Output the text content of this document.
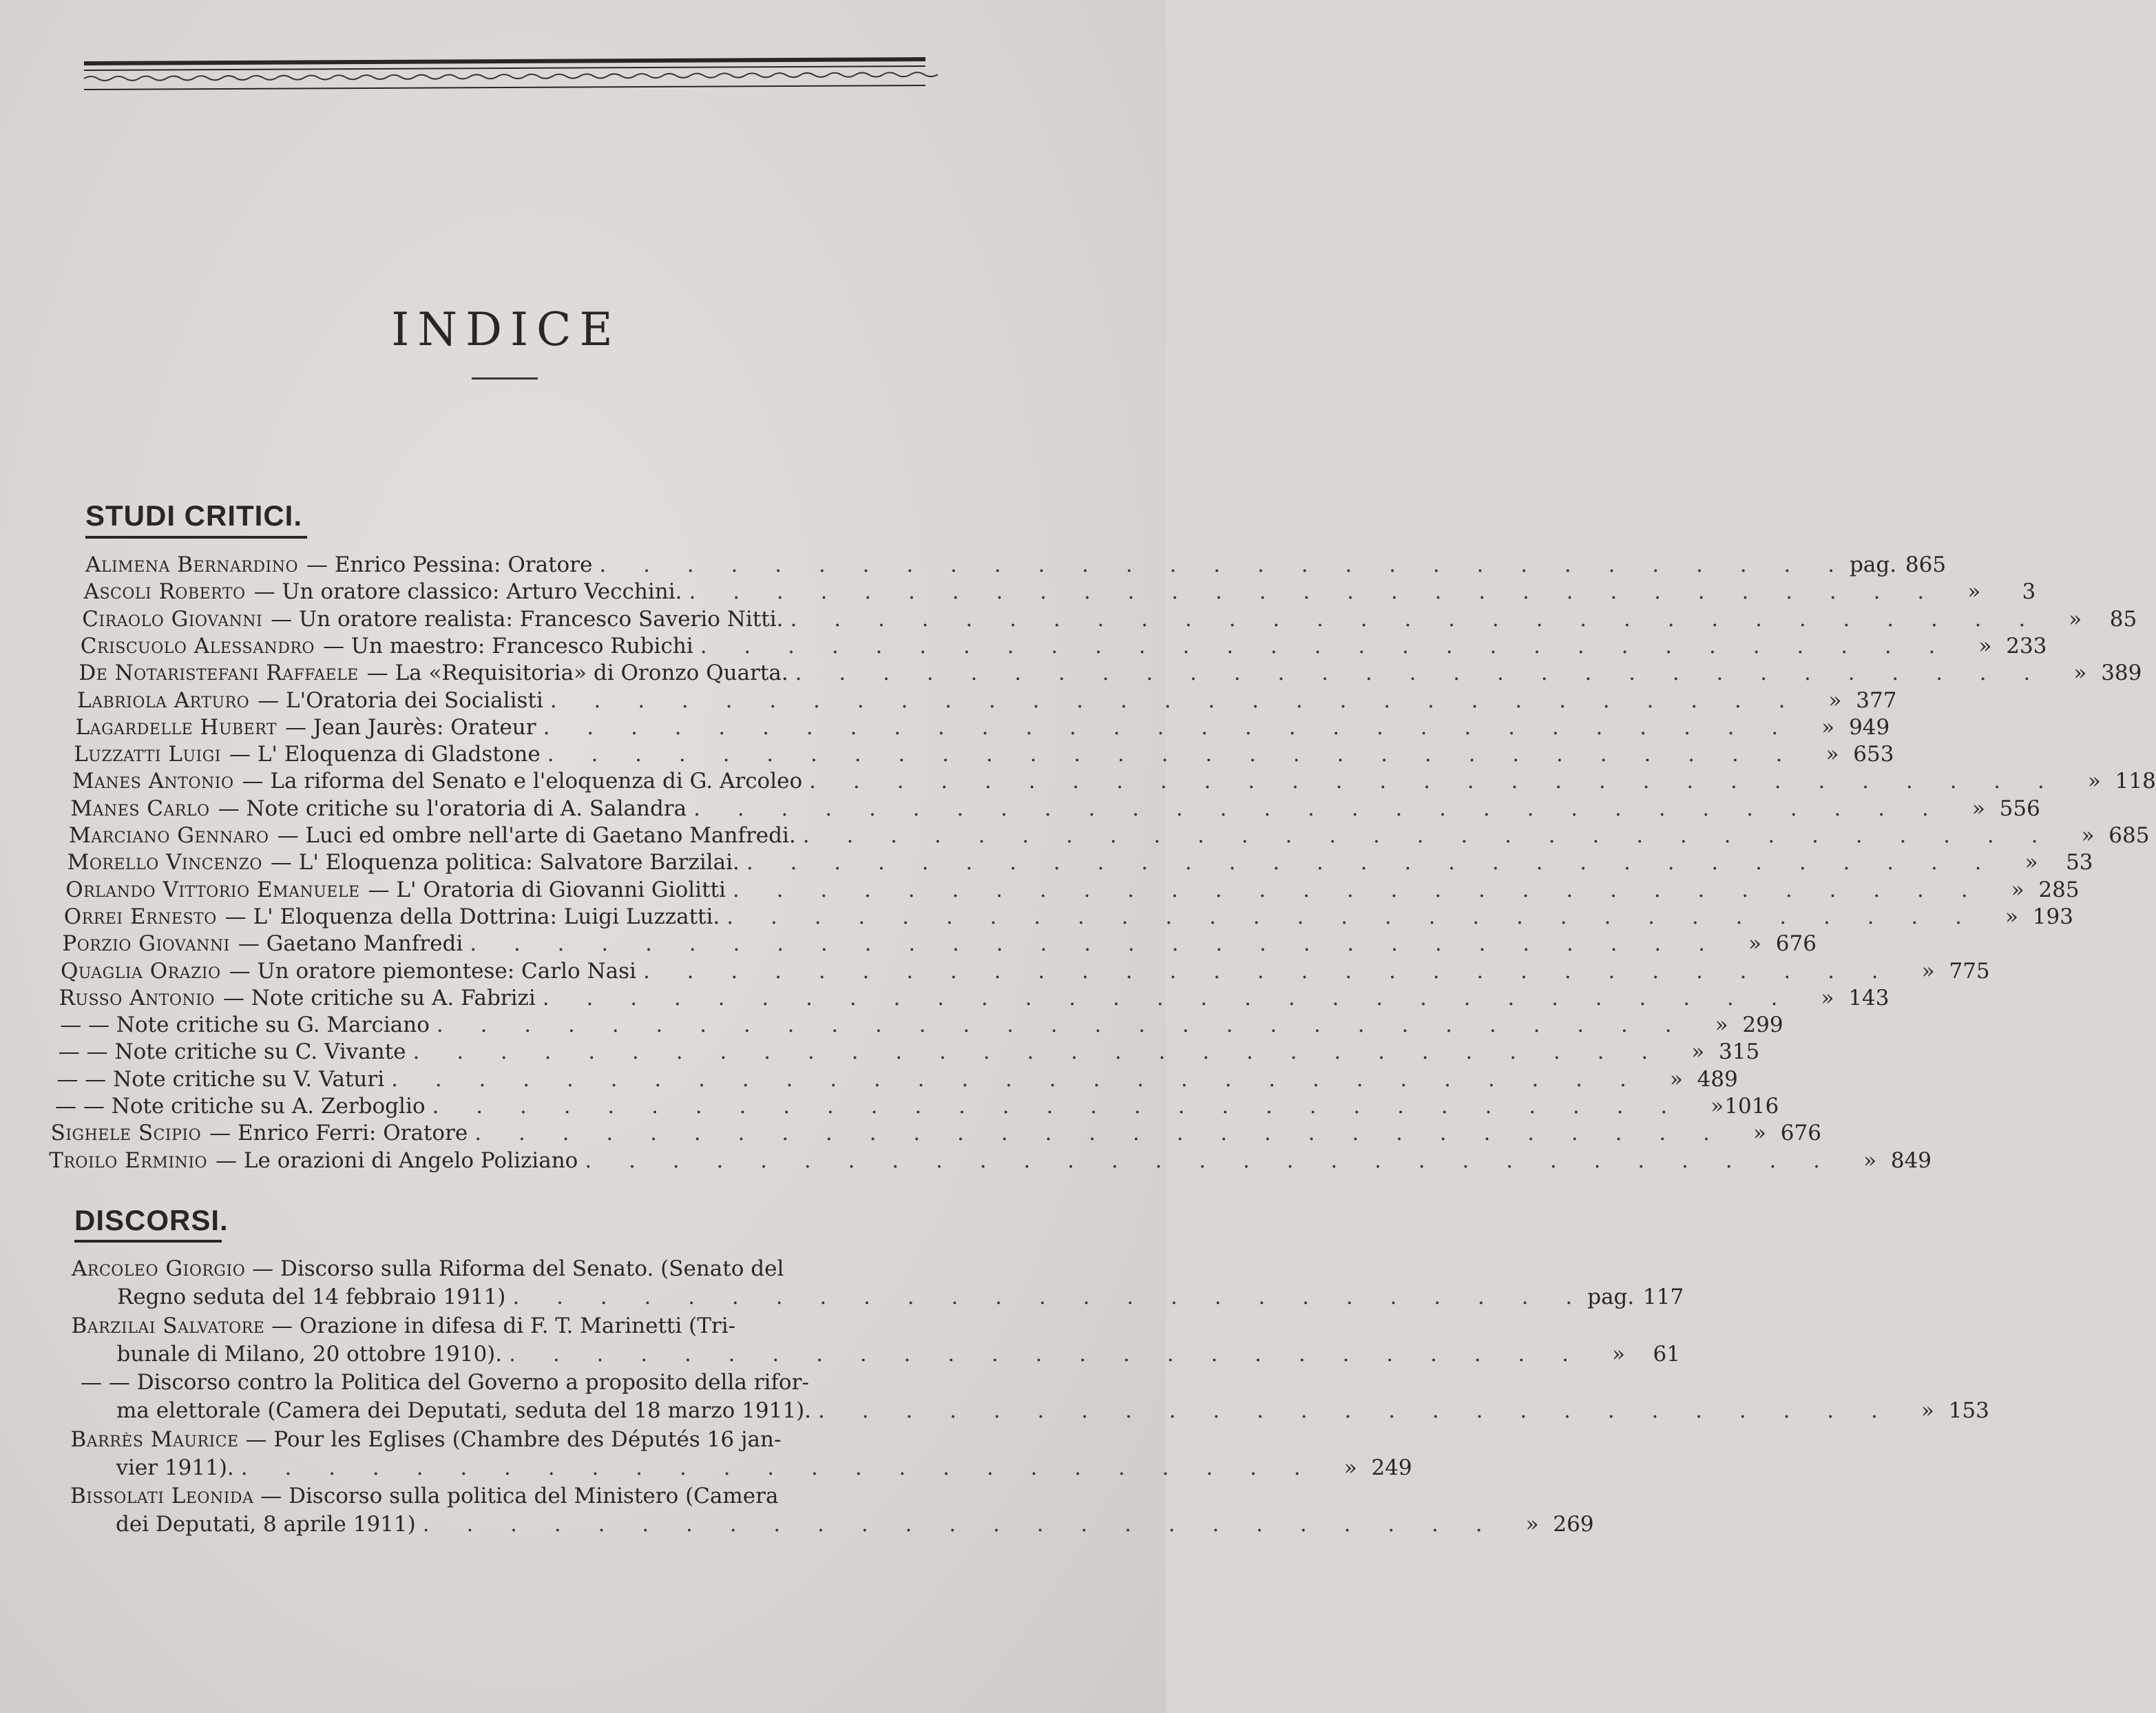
INDICE
STUDI CRITICI.
DISCORSI.
Alimena Bernardino — Enrico Pessina: Oratore . . . . . . . . . . . . . . . . . . . . . . . . . . . . . pag. 865
Ascoli Roberto — Un oratore classico: Arturo Vecchini. . . . . . . . . . . . . . . . . . . . . . . . . . . . . .	»	3
Ciraolo Giovanni — Un oratore realista: Francesco Saverio Nitti. . . . . . . . . . . . . . . . . . . . . . . . . . . . . .	»	85
Criscuolo Alessandro — Un maestro: Francesco Rubichi . . . . . . . . . . . . . . . . . . . . . . . . . . . . .	» 233
De Notaristefani Raffaele — La «Requisitoria» di Oronzo Quarta. . . . . . . . . . . . . . . . . . . . . . . . . . . . . .	» 389
Labriola Arturo — L'Oratoria dei Socialisti . . . . . . . . . . . . . . . . . . . . . . . . . . . . .	» 377
Lagardelle Hubert — Jean Jaurès: Orateur . . . . . . . . . . . . . . . . . . . . . . . . . . . . .	» 949
Luzzatti Luigi — L' Eloquenza di Gladstone . . . . . . . . . . . . . . . . . . . . . . . . . . . . .	» 653
Manes Antonio — La riforma del Senato e l'eloquenza di G. Arcoleo . . . . . . . . . . . . . . . . . . . . . . . . . . . . .	» 118
Manes Carlo — Note critiche su l'oratoria di A. Salandra . . . . . . . . . . . . . . . . . . . . . . . . . . . . .	» 556
Marciano Gennaro — Luci ed ombre nell'arte di Gaetano Manfredi. . . . . . . . . . . . . . . . . . . . . . . . . . . . . .	» 685
Morello Vincenzo — L' Eloquenza politica: Salvatore Barzilai. . . . . . . . . . . . . . . . . . . . . . . . . . . . . .	»	53
Orlando Vittorio Emanuele — L' Oratoria di Giovanni Giolitti . . . . . . . . . . . . . . . . . . . . . . . . . . . . .	» 285
Orrei Ernesto — L' Eloquenza della Dottrina: Luigi Luzzatti. . . . . . . . . . . . . . . . . . . . . . . . . . . . . .	» 193
Porzio Giovanni — Gaetano Manfredi . . . . . . . . . . . . . . . . . . . . . . . . . . . . .	» 676
Quaglia Orazio — Un oratore piemontese: Carlo Nasi . . . . . . . . . . . . . . . . . . . . . . . . . . . . .	» 775
Russo Antonio — Note critiche su A. Fabrizi . . . . . . . . . . . . . . . . . . . . . . . . . . . . .	» 143
— — Note critiche su G. Marciano . . . . . . . . . . . . . . . . . . . . . . . . . . . . .	» 299
— — Note critiche su C. Vivante . . . . . . . . . . . . . . . . . . . . . . . . . . . . .	» 315
— — Note critiche su V. Vaturi . . . . . . . . . . . . . . . . . . . . . . . . . . . . .	» 489
— — Note critiche su A. Zerboglio . . . . . . . . . . . . . . . . . . . . . . . . . . . . .	» 1016
Sighele Scipio — Enrico Ferri: Oratore . . . . . . . . . . . . . . . . . . . . . . . . . . . . .	» 676
Troilo Erminio — Le orazioni di Angelo Poliziano . . . . . . . . . . . . . . . . . . . . . . . . . . . . .	» 849
Arcoleo Giorgio — Discorso sulla Riforma del Senato. (Senato del
Regno seduta del 14 febbraio 1911) . . . . . . . . . . . . . . . . . . . . . . . . . pag. 117
Barzilai Salvatore — Orazione in difesa di F. T. Marinetti (Tri-
bunale di Milano, 20 ottobre 1910). . . . . . . . . . . . . . . . . . . . . . . . . .	»	61
— — Discorso contro la Politica del Governo a proposito della rifor-
ma elettorale (Camera dei Deputati, seduta del 18 marzo 1911). . . . . . . . . . . . . . . . . . . . . . . . . .	» 153
Barrès Maurice — Pour les Eglises (Chambre des Députés 16 jan-
vier 1911). . . . . . . . . . . . . . . . . . . . . . . . . .	» 249
Bissolati Leonida — Discorso sulla politica del Ministero (Camera
dei Deputati, 8 aprile 1911) . . . . . . . . . . . . . . . . . . . . . . . . .	» 269
